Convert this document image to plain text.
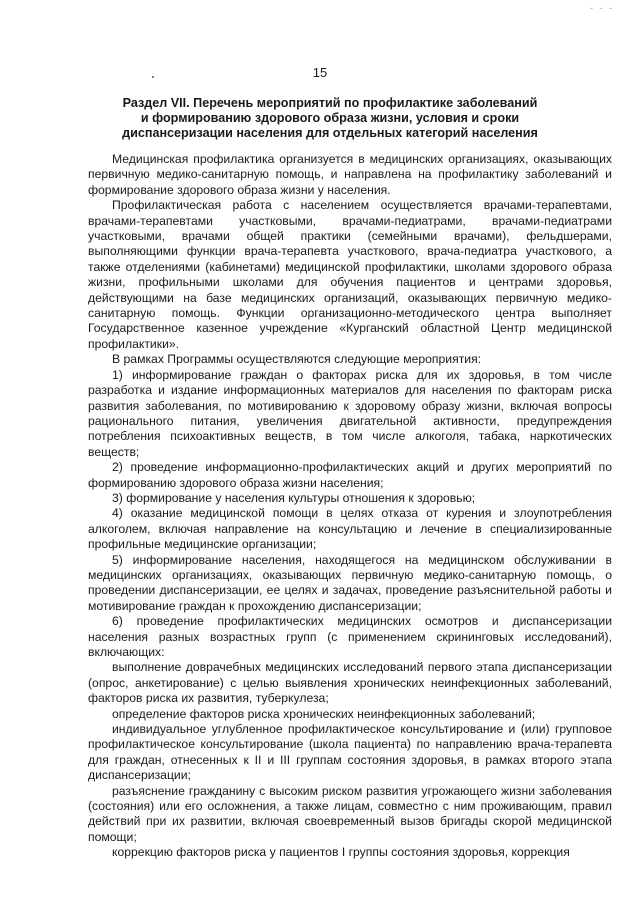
- - -
15
Раздел VII. Перечень мероприятий по профилактике заболеваний
и формированию здорового образа жизни, условия и сроки
диспансеризации населения для отдельных категорий населения

Медицинская профилактика организуется в медицинских организациях, оказывающих первичную медико-санитарную помощь, и направлена на профилактику заболеваний и формирование здорового образа жизни у населения.

Профилактическая работа с населением осуществляется врачами-терапевтами, врачами-терапевтами участковыми, врачами-педиатрами, врачами-педиатрами участковыми, врачами общей практики (семейными врачами), фельдшерами, выполняющими функции врача-терапевта участкового, врача-педиатра участкового, а также отделениями (кабинетами) медицинской профилактики, школами здорового образа жизни, профильными школами для обучения пациентов и центрами здоровья, действующими на базе медицинских организаций, оказывающих первичную медико-санитарную помощь. Функции организационно-методического центра выполняет Государственное казенное учреждение «Курганский областной Центр медицинской профилактики».

В рамках Программы осуществляются следующие мероприятия:

1) информирование граждан о факторах риска для их здоровья, в том числе разработка и издание информационных материалов для населения по факторам риска развития заболевания, по мотивированию к здоровому образу жизни, включая вопросы рационального питания, увеличения двигательной активности, предупреждения потребления психоактивных веществ, в том числе алкоголя, табака, наркотических веществ;

2) проведение информационно-профилактических акций и других мероприятий по формированию здорового образа жизни населения;

3) формирование у населения культуры отношения к здоровью;

4) оказание медицинской помощи в целях отказа от курения и злоупотребления алкоголем, включая направление на консультацию и лечение в специализированные профильные медицинские организации;

5) информирование населения, находящегося на медицинском обслуживании в медицинских организациях, оказывающих первичную медико-санитарную помощь, о проведении диспансеризации, ее целях и задачах, проведение разъяснительной работы и мотивирование граждан к прохождению диспансеризации;

6) проведение профилактических медицинских осмотров и диспансеризации населения разных возрастных групп (с применением скрининговых исследований), включающих:

выполнение доврачебных медицинских исследований первого этапа диспансеризации (опрос, анкетирование) с целью выявления хронических неинфекционных заболеваний, факторов риска их развития, туберкулеза;

определение факторов риска хронических неинфекционных заболеваний;

индивидуальное углубленное профилактическое консультирование и (или) групповое профилактическое консультирование (школа пациента) по направлению врача-терапевта для граждан, отнесенных к II и III группам состояния здоровья, в рамках второго этапа диспансеризации;

разъяснение гражданину с высоким риском развития угрожающего жизни заболевания (состояния) или его осложнения, а также лицам, совместно с ним проживающим, правил действий при их развитии, включая своевременный вызов бригады скорой медицинской помощи;

коррекцию факторов риска у пациентов I группы состояния здоровья, коррекция
